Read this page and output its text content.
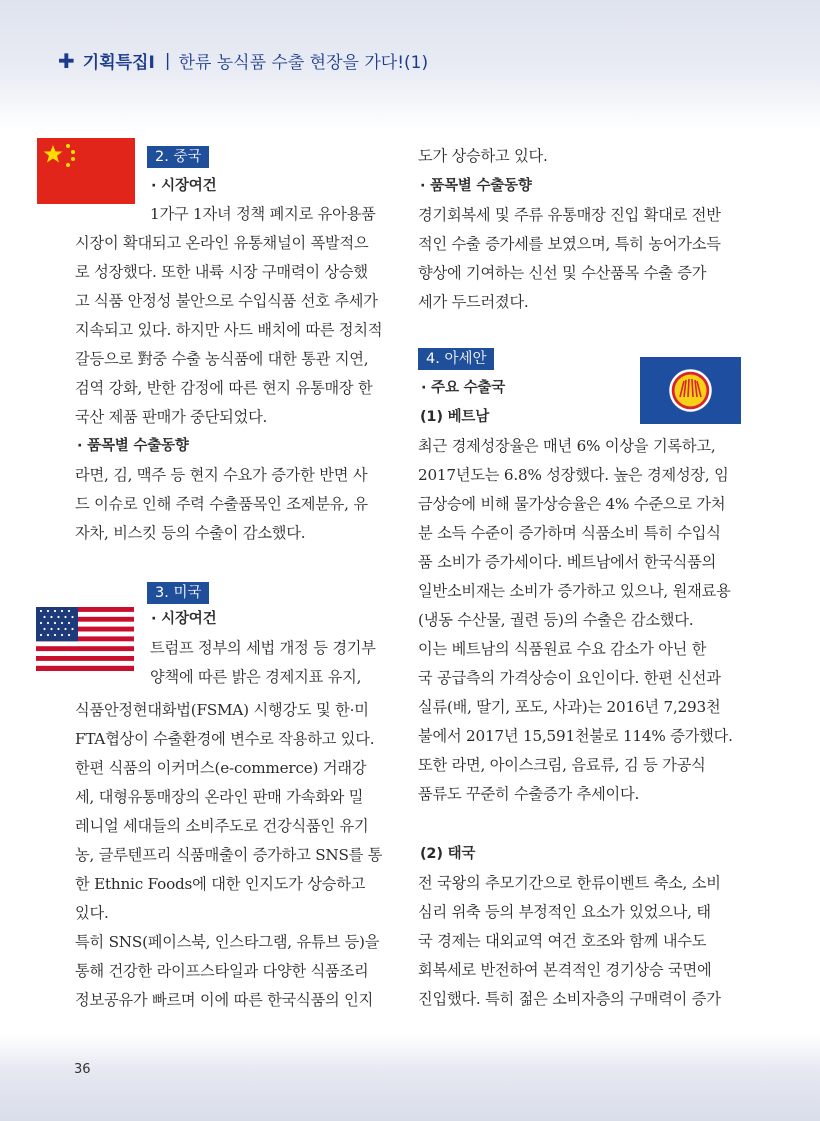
✚ 기획특집Ⅰ | 한류 농식품 수출 현장을 가다!(1)
2. 중국
· 시장여건
1가구 1자녀 정책 폐지로 유아용품
시장이 확대되고 온라인 유통채널이 폭발적으
로 성장했다. 또한 내륙 시장 구매력이 상승했
고 식품 안정성 불안으로 수입식품 선호 추세가
지속되고 있다. 하지만 사드 배치에 따른 정치적
갈등으로 對중 수출 농식품에 대한 통관 지연,
검역 강화, 반한 감정에 따른 현지 유통매장 한
국산 제품 판매가 중단되었다.
· 품목별 수출동향
라면, 김, 맥주 등 현지 수요가 증가한 반면 사
드 이슈로 인해 주력 수출품목인 조제분유, 유
자차, 비스킷 등의 수출이 감소했다.
3. 미국
· 시장여건
트럼프 정부의 세법 개정 등 경기부
양책에 따른 밝은 경제지표 유지,
식품안정현대화법(FSMA) 시행강도 및 한·미
FTA협상이 수출환경에 변수로 작용하고 있다.
한편 식품의 이커머스(e-commerce) 거래강
세, 대형유통매장의 온라인 판매 가속화와 밀
레니얼 세대들의 소비주도로 건강식품인 유기
농, 글루텐프리 식품매출이 증가하고 SNS를 통
한 Ethnic Foods에 대한 인지도가 상승하고
있다.
특히 SNS(페이스북, 인스타그램, 유튜브 등)을
통해 건강한 라이프스타일과 다양한 식품조리
정보공유가 빠르며 이에 따른 한국식품의 인지
도가 상승하고 있다.
· 품목별 수출동향
경기회복세 및 주류 유통매장 진입 확대로 전반
적인 수출 증가세를 보였으며, 특히 농어가소득
향상에 기여하는 신선 및 수산품목 수출 증가
세가 두드러졌다.
4. 아세안
· 주요 수출국
(1) 베트남
최근 경제성장율은 매년 6% 이상을 기록하고,
2017년도는 6.8% 성장했다. 높은 경제성장, 임
금상승에 비해 물가상승율은 4% 수준으로 가처
분 소득 수준이 증가하며 식품소비 특히 수입식
품 소비가 증가세이다. 베트남에서 한국식품의
일반소비재는 소비가 증가하고 있으나, 원재료용
(냉동 수산물, 궐련 등)의 수출은 감소했다.
이는 베트남의 식품원료 수요 감소가 아닌 한
국 공급측의 가격상승이 요인이다. 한편 신선과
실류(배, 딸기, 포도, 사과)는 2016년 7,293천
불에서 2017년 15,591천불로 114% 증가했다.
또한 라면, 아이스크림, 음료류, 김 등 가공식
품류도 꾸준히 수출증가 추세이다.
(2) 태국
전 국왕의 추모기간으로 한류이벤트 축소, 소비
심리 위축 등의 부정적인 요소가 있었으나, 태
국 경제는 대외교역 여건 호조와 함께 내수도
회복세로 반전하여 본격적인 경기상승 국면에
진입했다. 특히 젊은 소비자층의 구매력이 증가
36
